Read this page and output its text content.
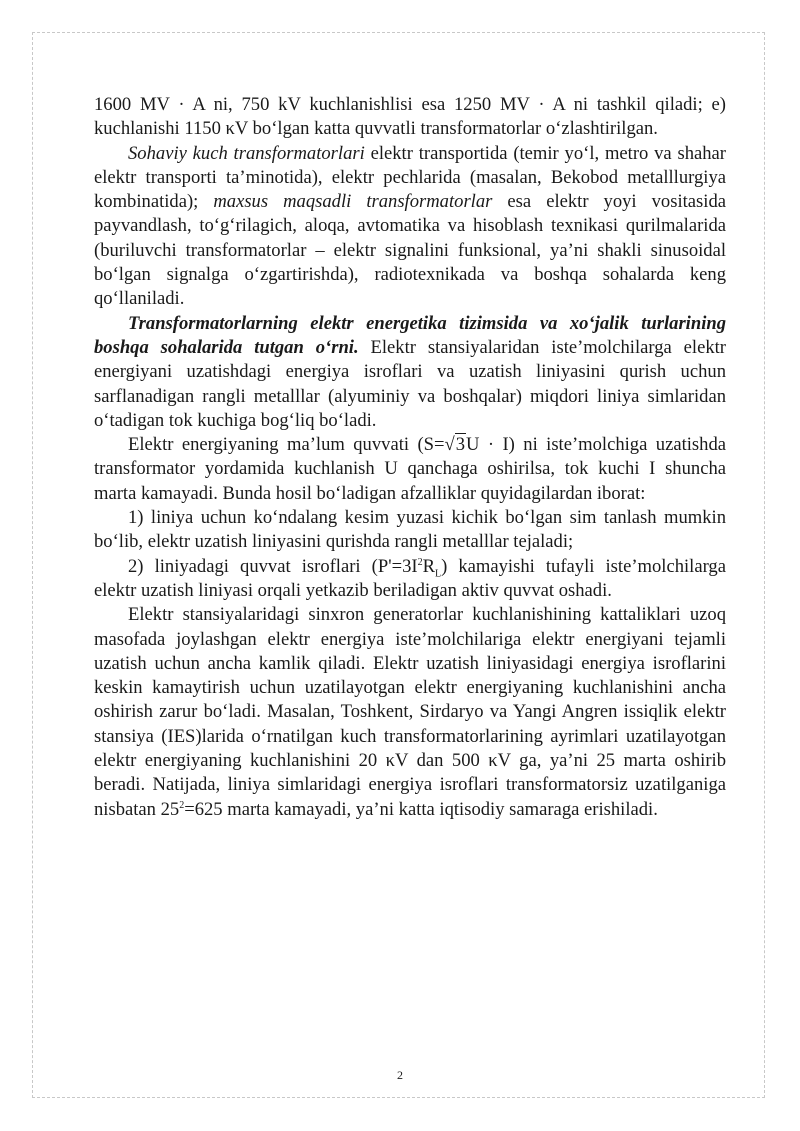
1600 MV · A ni, 750 kV kuchlanishlisi esa 1250 MV · A ni tashkil qiladi; e) kuchlanishi 1150 κV bo‘lgan katta quvvatli transformatorlar o‘zlashtirilgan.

Sohaviy kuch transformatorlari elektr transportida (temir yo‘l, metro va shahar elektr transporti ta’minotida), elektr pechlarida (masalan, Bekobod metalllurgiya kombinatida); maxsus maqsadli transformatorlar esa elektr yoyi vositasida payvandlash, to‘g‘rilagich, aloqa, avtomatika va hisoblash texnikasi qurilmalarida (buriluvchi transformatorlar – elektr signalini funksional, ya’ni shakli sinusoidal bo‘lgan signalga o‘zgartirishda), radiotexnikada va boshqa sohalarda keng qo‘llaniladi.

Transformatorlarning elektr energetika tizimsida va xo‘jalik turlarining boshqa sohalarida tutgan o‘rni. Elektr stansiyalaridan iste’molchilarga elektr energiyani uzatishdagi energiya isroflari va uzatish liniyasini qurish uchun sarflanadigan rangli metalllar (alyuminiy va boshqalar) miqdori liniya simlaridan o‘tadigan tok kuchiga bog‘liq bo‘ladi.

Elektr energiyaning ma’lum quvvati (S=√3U · I) ni iste’molchiga uzatishda transformator yordamida kuchlanish U qanchaga oshirilsa, tok kuchi I shuncha marta kamayadi. Bunda hosil bo‘ladigan afzalliklar quyidagilardan iborat:

1) liniya uchun ko‘ndalang kesim yuzasi kichik bo‘lgan sim tanlash mumkin bo‘lib, elektr uzatish liniyasini qurishda rangli metalllar tejaladi;

2) liniyadagi quvvat isroflari $(P'=3I^2R_L)$ kamayishi tufayli iste’molchilarga elektr uzatish liniyasi orqali yetkazib beriladigan aktiv quvvat oshadi.

Elektr stansiyalaridagi sinxron generatorlar kuchlanishining kattaliklari uzoq masofada joylashgan elektr energiya iste’molchilariga elektr energiyani tejamli uzatish uchun ancha kamlik qiladi. Elektr uzatish liniyasidagi energiya isroflarini keskin kamaytirish uchun uzatilayotgan elektr energiyaning kuchlanishini ancha oshirish zarur bo‘ladi. Masalan, Toshkent, Sirdaryo va Yangi Angren issiqlik elektr stansiya (IES)larida o‘rnatilgan kuch transformatorlarining ayrimlari uzatilayotgan elektr energiyaning kuchlanishini 20 κV dan 500 κV ga, ya’ni 25 marta oshirib beradi. Natijada, liniya simlaridagi energiya isroflari transformatorsiz uzatilganiga nisbatan $25^2=625$ marta kamayadi, ya’ni katta iqtisodiy samaraga erishiladi.

2
